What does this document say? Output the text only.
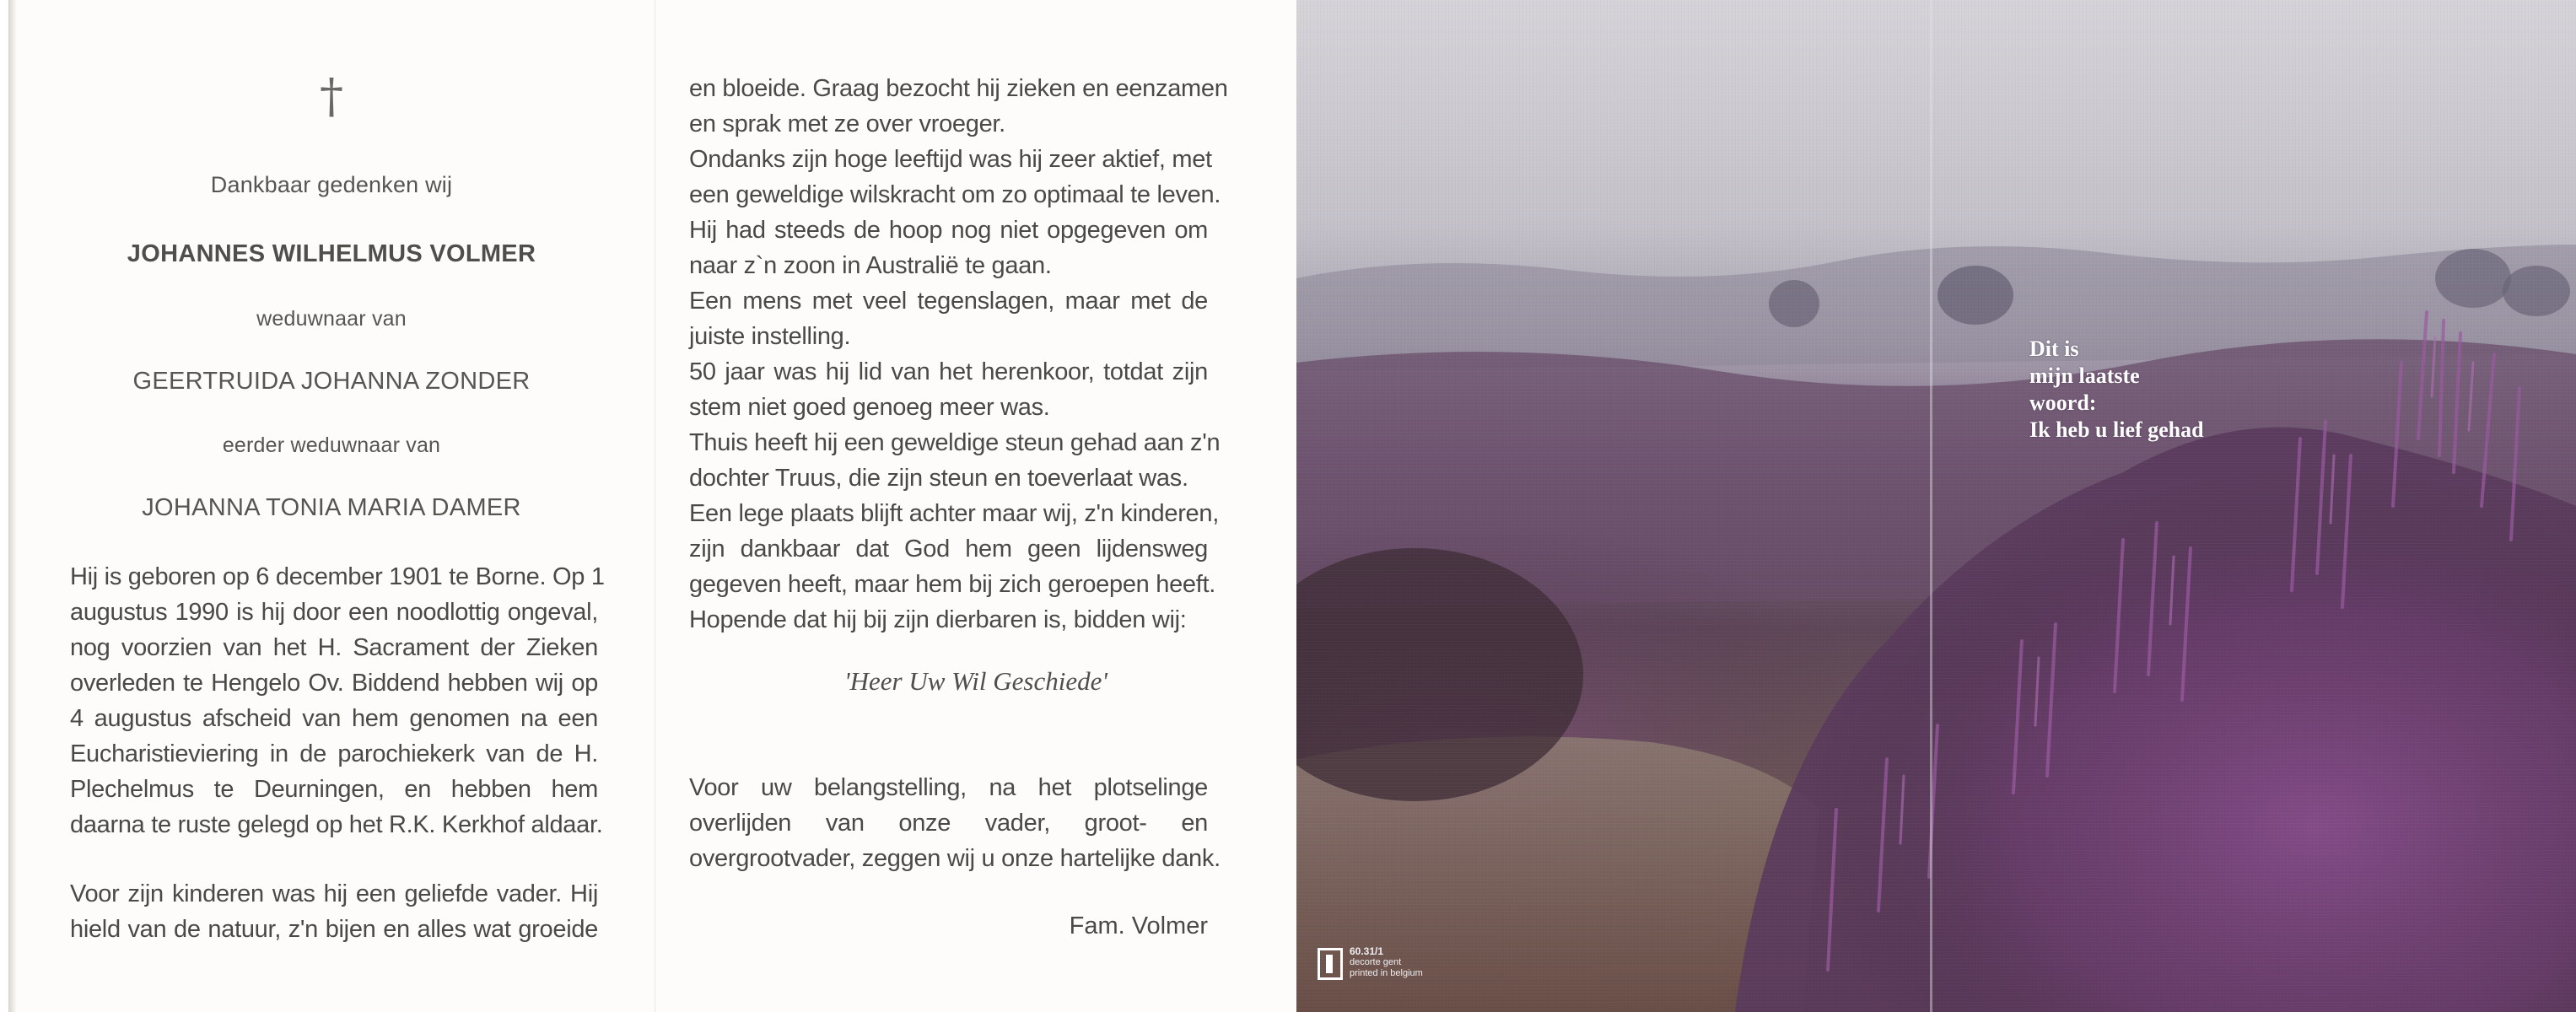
†
Dankbaar gedenken wij
JOHANNES WILHELMUS VOLMER
weduwnaar van
GEERTRUIDA JOHANNA ZONDER
eerder weduwnaar van
JOHANNA TONIA MARIA DAMER
Hij is geboren op 6 december 1901 te Borne. Op 1
augustus 1990 is hij door een noodlottig ongeval,
nog voorzien van het H. Sacrament der Zieken
overleden te Hengelo Ov. Biddend hebben wij op
4 augustus afscheid van hem genomen na een
Eucharistieviering in de parochiekerk van de H.
Plechelmus te Deurningen, en hebben hem
daarna te ruste gelegd op het R.K. Kerkhof aldaar.
Voor zijn kinderen was hij een geliefde vader. Hij
hield van de natuur, z'n bijen en alles wat groeide
en bloeide. Graag bezocht hij zieken en eenzamen
en sprak met ze over vroeger.
Ondanks zijn hoge leeftijd was hij zeer aktief, met
een geweldige wilskracht om zo optimaal te leven.
Hij had steeds de hoop nog niet opgegeven om
naar z`n zoon in Australië te gaan.
Een mens met veel tegenslagen, maar met de
juiste instelling.
50 jaar was hij lid van het herenkoor, totdat zijn
stem niet goed genoeg meer was.
Thuis heeft hij een geweldige steun gehad aan z'n
dochter Truus, die zijn steun en toeverlaat was.
Een lege plaats blijft achter maar wij, z'n kinderen,
zijn dankbaar dat God hem geen lijdensweg
gegeven heeft, maar hem bij zich geroepen heeft.
Hopende dat hij bij zijn dierbaren is, bidden wij:
'Heer Uw Wil Geschiede'
Voor uw belangstelling, na het plotselinge
overlijden van onze vader, groot- en
overgrootvader, zeggen wij u onze hartelijke dank.
Fam. Volmer
Dit is
mijn laatste
woord:
Ik heb u lief gehad
60.31/1
decorte gent
printed in belgium
